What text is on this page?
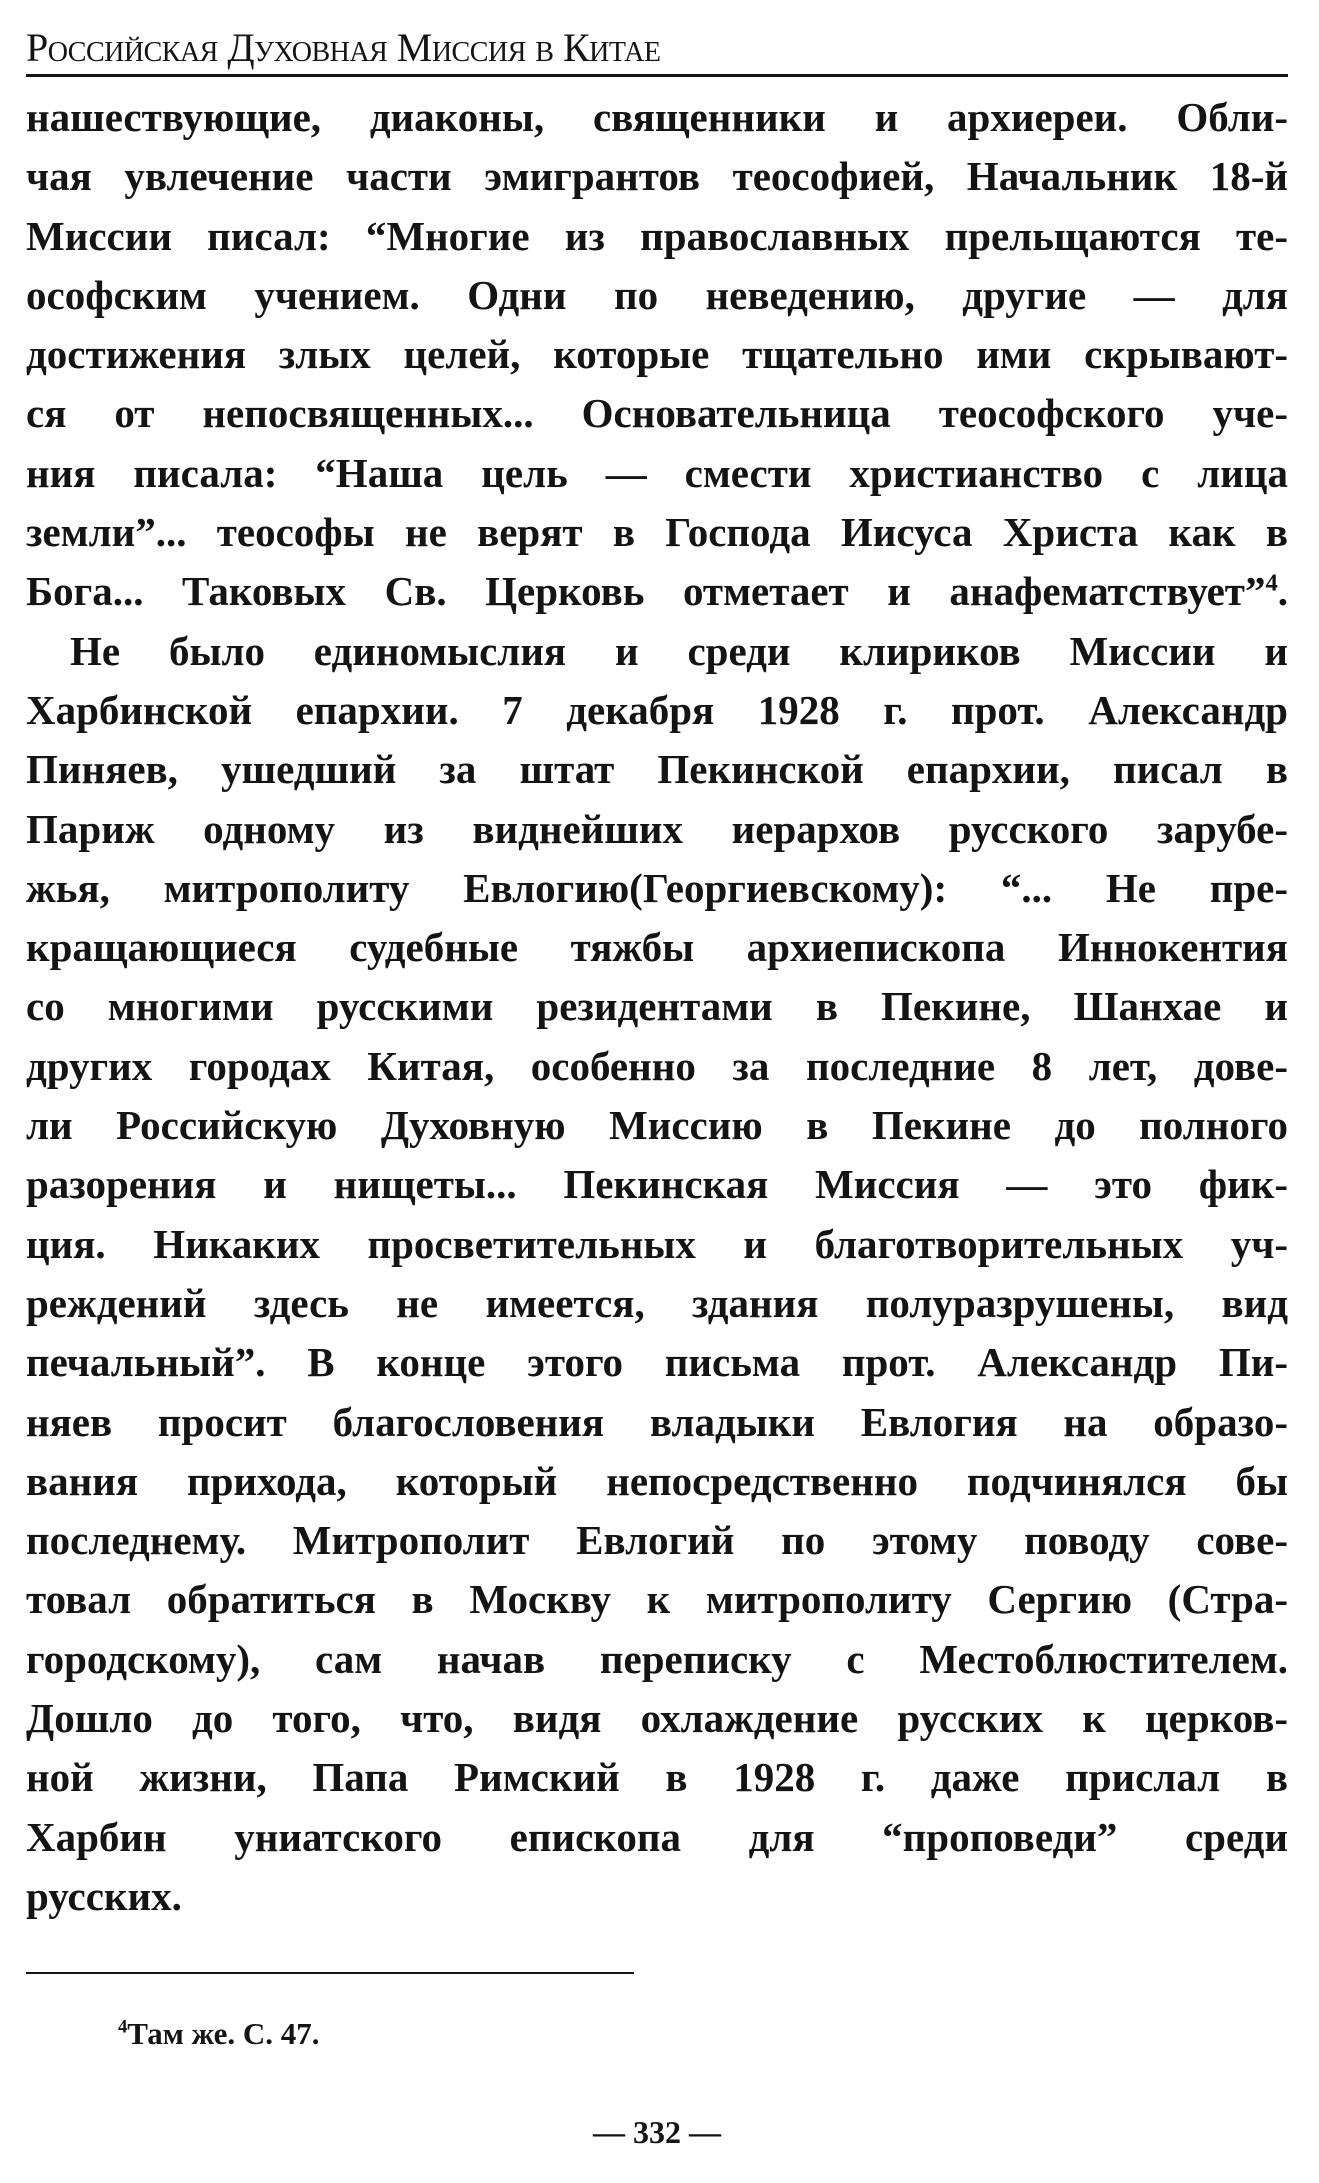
Российская Духовная Миссия в Китае
нашествующие, диаконы, священники и архиереи. Обли-
чая увлечение части эмигрантов теософией, Начальник 18-й
Миссии писал: “Многие из православных прельщаются те-
ософским учением. Одни по неведению, другие — для
достижения злых целей, которые тщательно ими скрывают-
ся от непосвященных... Основательница теософского уче-
ния писала: “Наша цель — смести христианство с лица
земли”... теософы не верят в Господа Иисуса Христа как в
Бога... Таковых Св. Церковь отметает и анафематствует”$^4$.
Не было единомыслия и среди клириков Миссии и
Харбинской епархии. 7 декабря 1928 г. прот. Александр
Пиняев, ушедший за штат Пекинской епархии, писал в
Париж одному из виднейших иерархов русского зарубе-
жья, митрополиту Евлогию(Георгиевскому): “... Не пре-
кращающиеся судебные тяжбы архиепископа Иннокентия
со многими русскими резидентами в Пекине, Шанхае и
других городах Китая, особенно за последние 8 лет, дове-
ли Российскую Духовную Миссию в Пекине до полного
разорения и нищеты... Пекинская Миссия — это фик-
ция. Никаких просветительных и благотворительных уч-
реждений здесь не имеется, здания полуразрушены, вид
печальный”. В конце этого письма прот. Александр Пи-
няев просит благословения владыки Евлогия на образо-
вания прихода, который непосредственно подчинялся бы
последнему. Митрополит Евлогий по этому поводу сове-
товал обратиться в Москву к митрополиту Сергию (Стра-
городскому), сам начав переписку с Местоблюстителем.
Дошло до того, что, видя охлаждение русских к церков-
ной жизни, Папа Римский в 1928 г. даже прислал в
Харбин униатского епископа для “проповеди” среди
русских.
$^4$Там же. С. 47.
— 332 —
